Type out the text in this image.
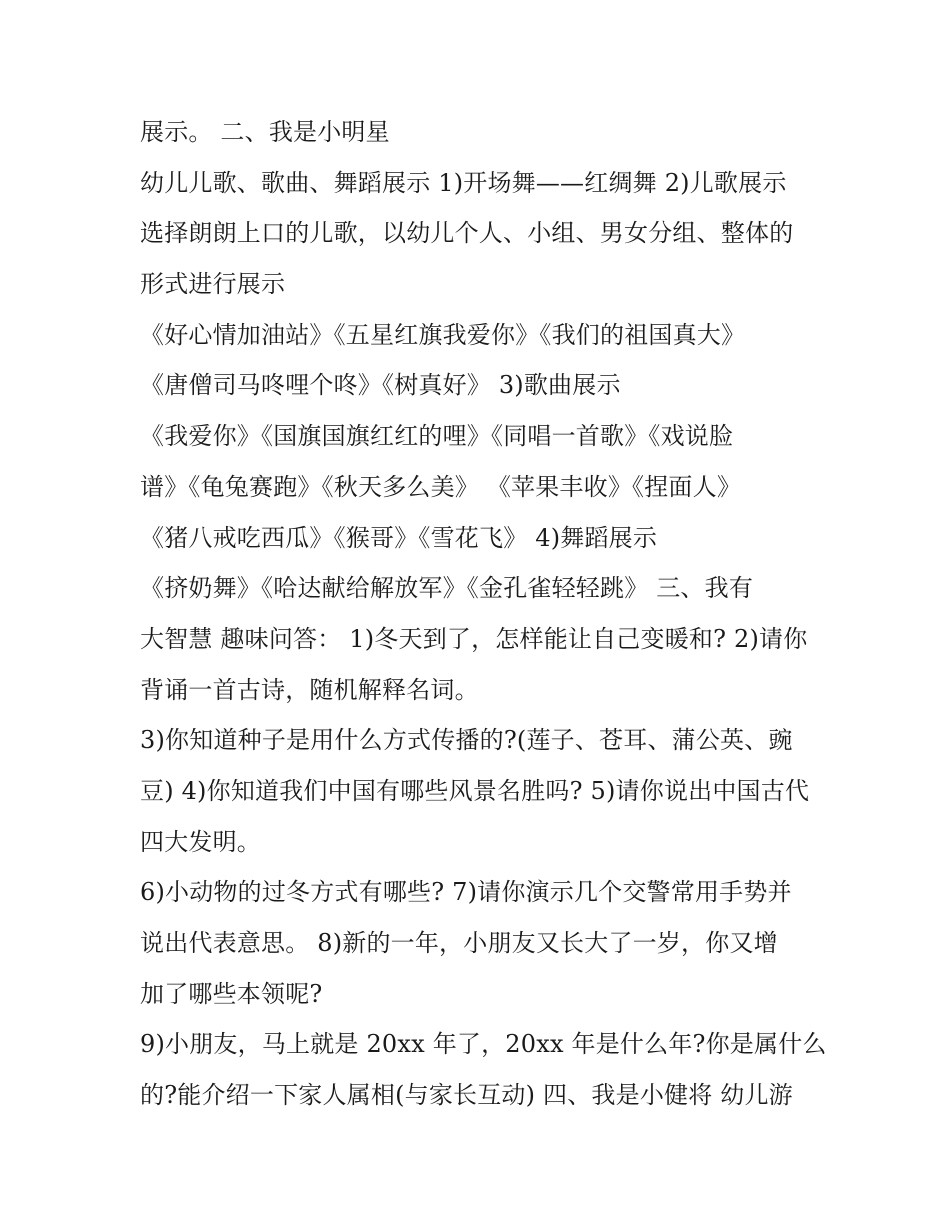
展示。 二、我是小明星
幼儿儿歌、歌曲、舞蹈展示 1)开场舞——红绸舞 2)儿歌展示
选择朗朗上口的儿歌，以幼儿个人、小组、男女分组、整体的
形式进行展示
《好心情加油站》《五星红旗我爱你》《我们的祖国真大》
《唐僧司马咚哩个咚》《树真好》 3)歌曲展示
《我爱你》《国旗国旗红红的哩》《同唱一首歌》《戏说脸
谱》《龟兔赛跑》《秋天多么美》 《苹果丰收》《捏面人》
《猪八戒吃西瓜》《猴哥》《雪花飞》 4)舞蹈展示
《挤奶舞》《哈达献给解放军》《金孔雀轻轻跳》 三、我有
大智慧 趣味问答： 1)冬天到了，怎样能让自己变暖和? 2)请你
背诵一首古诗，随机解释名词。
3)你知道种子是用什么方式传播的?(莲子、苍耳、蒲公英、豌
豆) 4)你知道我们中国有哪些风景名胜吗? 5)请你说出中国古代
四大发明。
6)小动物的过冬方式有哪些? 7)请你演示几个交警常用手势并
说出代表意思。 8)新的一年，小朋友又长大了一岁，你又增
加了哪些本领呢?
9)小朋友，马上就是 20xx 年了，20xx 年是什么年?你是属什么
的?能介绍一下家人属相(与家长互动) 四、我是小健将 幼儿游
